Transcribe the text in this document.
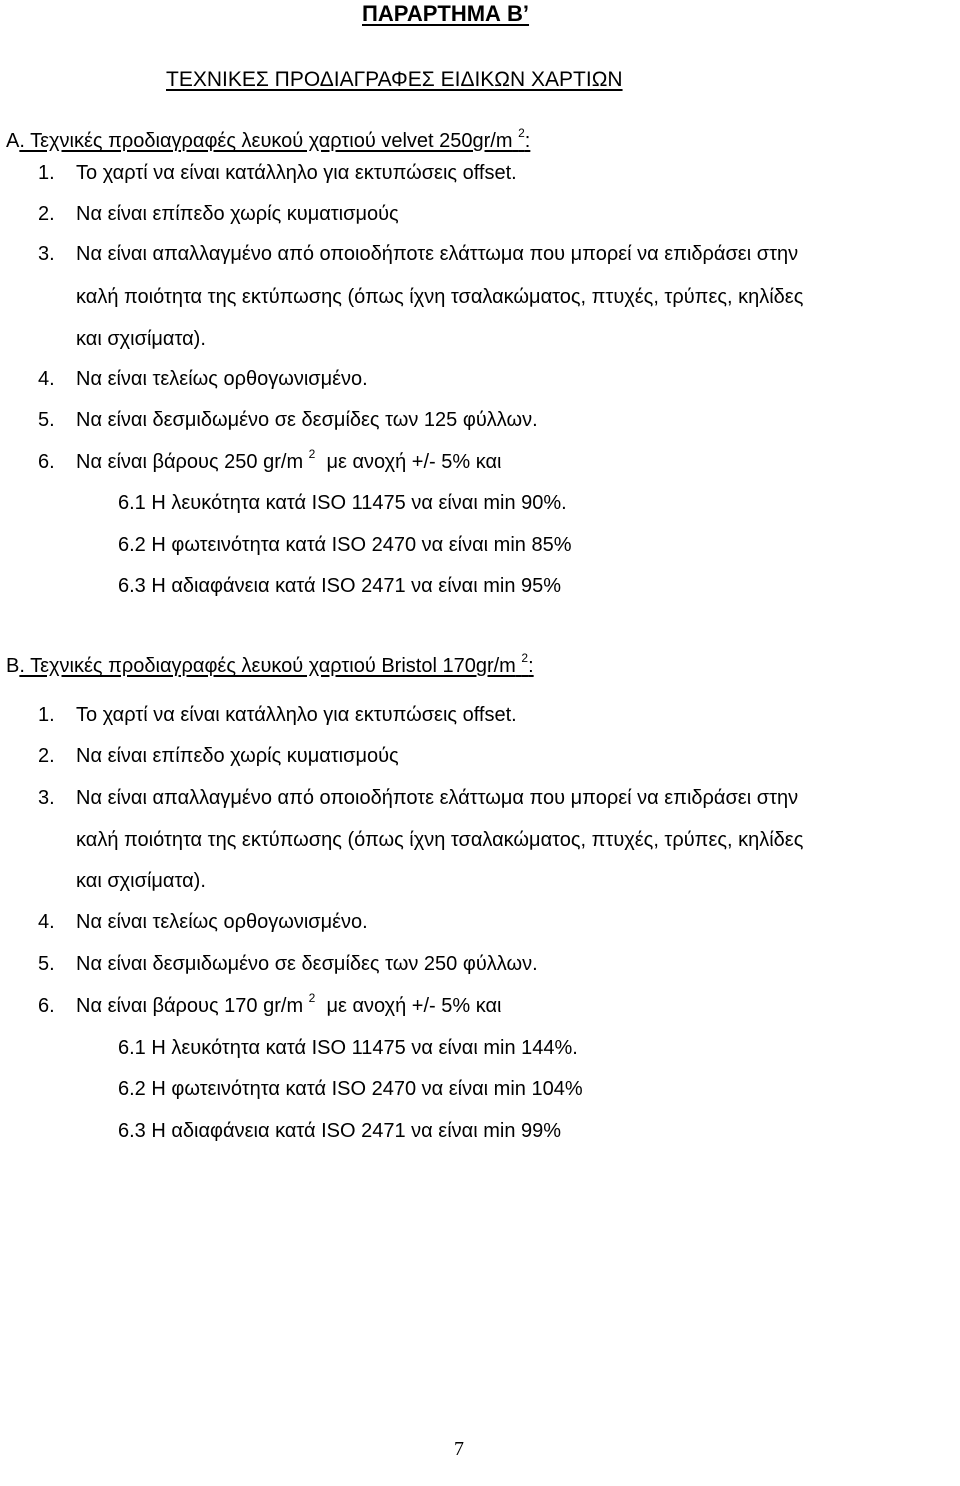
ΠΑΡΑΡΤΗΜΑ Β’
ΤΕΧΝΙΚΕΣ ΠΡΟΔΙΑΓΡΑΦΕΣ ΕΙΔΙΚΩΝ ΧΑΡΤΙΩΝ
Α. Τεχνικές προδιαγραφές λευκού χαρτιού velvet 250gr/m $^2$:
1. Το χαρτί να είναι κατάλληλο για εκτυπώσεις offset.
2. Να είναι επίπεδο χωρίς κυματισμούς
3. Να είναι απαλλαγμένο από οποιοδήποτε ελάττωμα που μπορεί να επιδράσει στην
καλή ποιότητα της εκτύπωσης (όπως ίχνη τσαλακώματος, πτυχές, τρύπες, κηλίδες
και σχισίματα).
4. Να είναι τελείως ορθογωνισμένο.
5. Να είναι δεσμιδωμένο σε δεσμίδες των 125 φύλλων.
6. Να είναι βάρους 250 gr/m $^2$ με ανοχή +/- 5% και
6.1 Η λευκότητα κατά ISO 11475 να είναι min 90%.
6.2 Η φωτεινότητα κατά ISO 2470 να είναι min 85%
6.3 Η αδιαφάνεια κατά ISO 2471 να είναι min 95%
Β. Τεχνικές προδιαγραφές λευκού χαρτιού Bristol 170gr/m $^2$:
1. Το χαρτί να είναι κατάλληλο για εκτυπώσεις offset.
2. Να είναι επίπεδο χωρίς κυματισμούς
3. Να είναι απαλλαγμένο από οποιοδήποτε ελάττωμα που μπορεί να επιδράσει στην
καλή ποιότητα της εκτύπωσης (όπως ίχνη τσαλακώματος, πτυχές, τρύπες, κηλίδες
και σχισίματα).
4. Να είναι τελείως ορθογωνισμένο.
5. Να είναι δεσμιδωμένο σε δεσμίδες των 250 φύλλων.
6. Να είναι βάρους 170 gr/m $^2$ με ανοχή +/- 5% και
6.1 Η λευκότητα κατά ISO 11475 να είναι min 144%.
6.2 Η φωτεινότητα κατά ISO 2470 να είναι min 104%
6.3 Η αδιαφάνεια κατά ISO 2471 να είναι min 99%
7
